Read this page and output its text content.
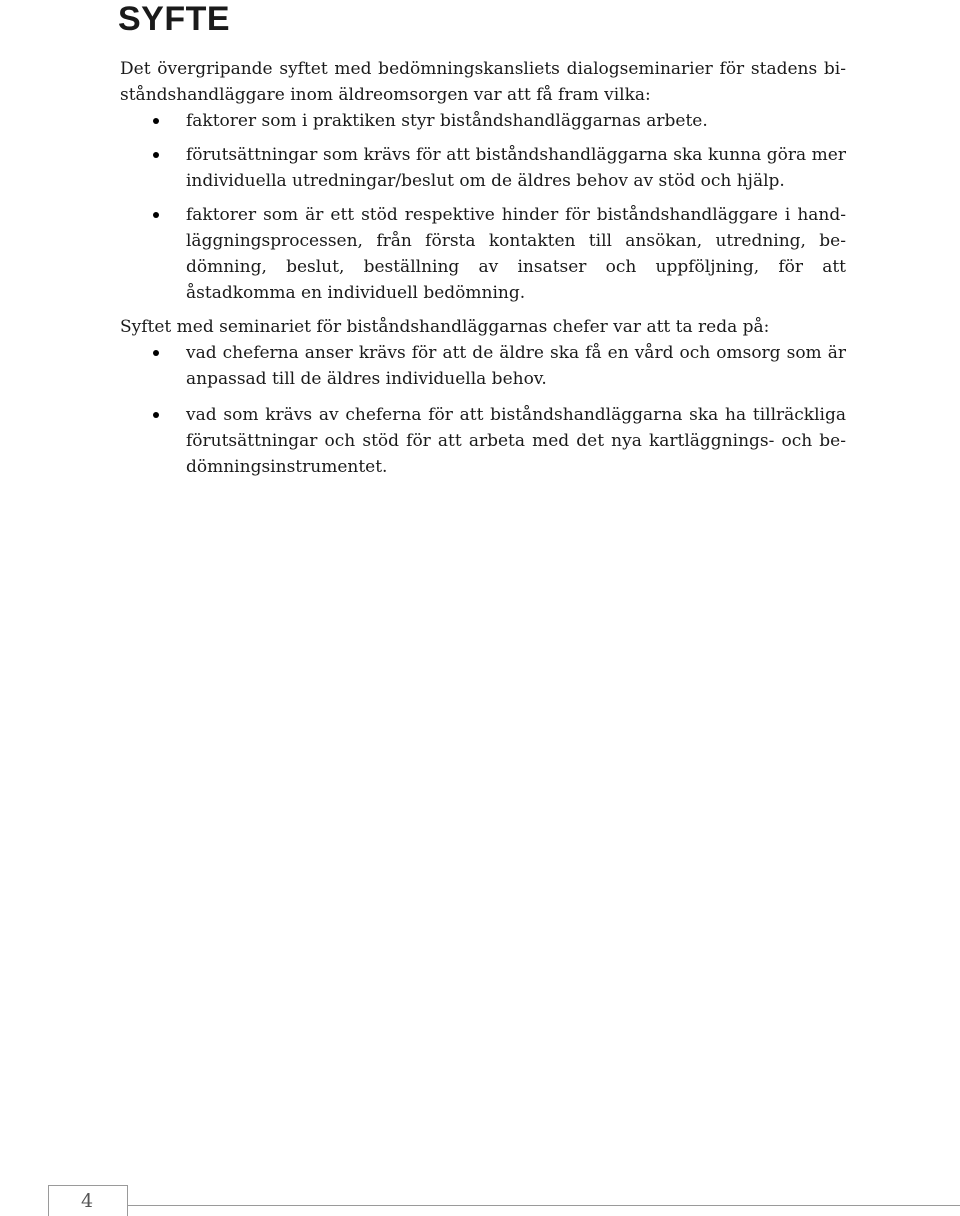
SYFTE

Det övergripande syftet med bedömningskansliets dialogseminarier för stadens bi-ståndshandläggare inom äldreomsorgen var att få fram vilka:

faktorer som i praktiken styr biståndshandläggarnas arbete.
förutsättningar som krävs för att biståndshandläggarna ska kunna göra mer individuella utredningar/beslut om de äldres behov av stöd och hjälp.
faktorer som är ett stöd respektive hinder för biståndshandläggare i hand-läggningsprocessen, från första kontakten till ansökan, utredning, be-dömning, beslut, beställning av insatser och uppföljning, för att åstadkomma en individuell bedömning.

Syftet med seminariet för biståndshandläggarnas chefer var att ta reda på:

vad cheferna anser krävs för att de äldre ska få en vård och omsorg som är anpassad till de äldres individuella behov.
vad som krävs av cheferna för att biståndshandläggarna ska ha tillräckliga förutsättningar och stöd för att arbeta med det nya kartläggnings- och be-dömningsinstrumentet.
4
